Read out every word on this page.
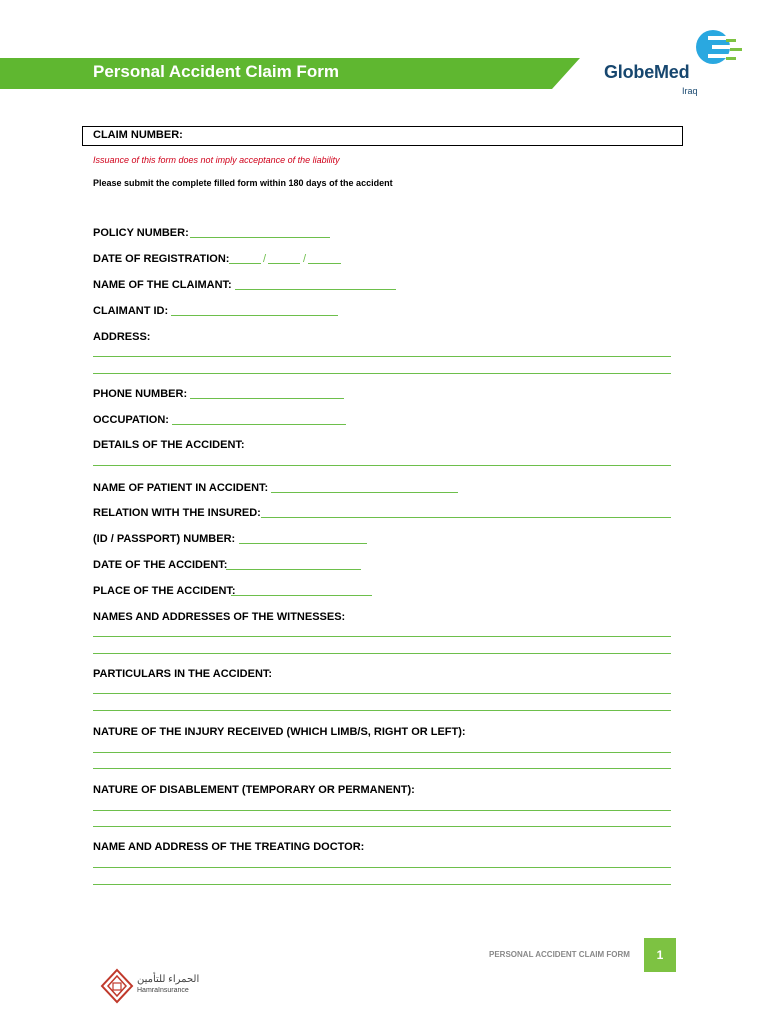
Personal Accident Claim Form	GlobeMed
Iraq
CLAIM NUMBER:
Issuance of this form does not imply acceptance of the liability
Please submit the complete filled form within 180 days of the accident
POLICY NUMBER:
DATE OF REGISTRATION:	/	/
NAME OF THE CLAIMANT:
CLAIMANT ID:
ADDRESS:
PHONE NUMBER:
OCCUPATION:
DETAILS OF THE ACCIDENT:
NAME OF PATIENT IN ACCIDENT:
RELATION WITH THE INSURED:
(ID / PASSPORT) NUMBER:
DATE OF THE ACCIDENT:
PLACE OF THE ACCIDENT:
NAMES AND ADDRESSES OF THE WITNESSES:
PARTICULARS IN THE ACCIDENT:
NATURE OF THE INJURY RECEIVED (WHICH LIMB/S, RIGHT OR LEFT):
NATURE OF DISABLEMENT (TEMPORARY OR PERMANENT):
NAME AND ADDRESS OF THE TREATING DOCTOR:
PERSONAL ACCIDENT CLAIM FORM	1
الحمراء للتأمين
HamraInsurance
